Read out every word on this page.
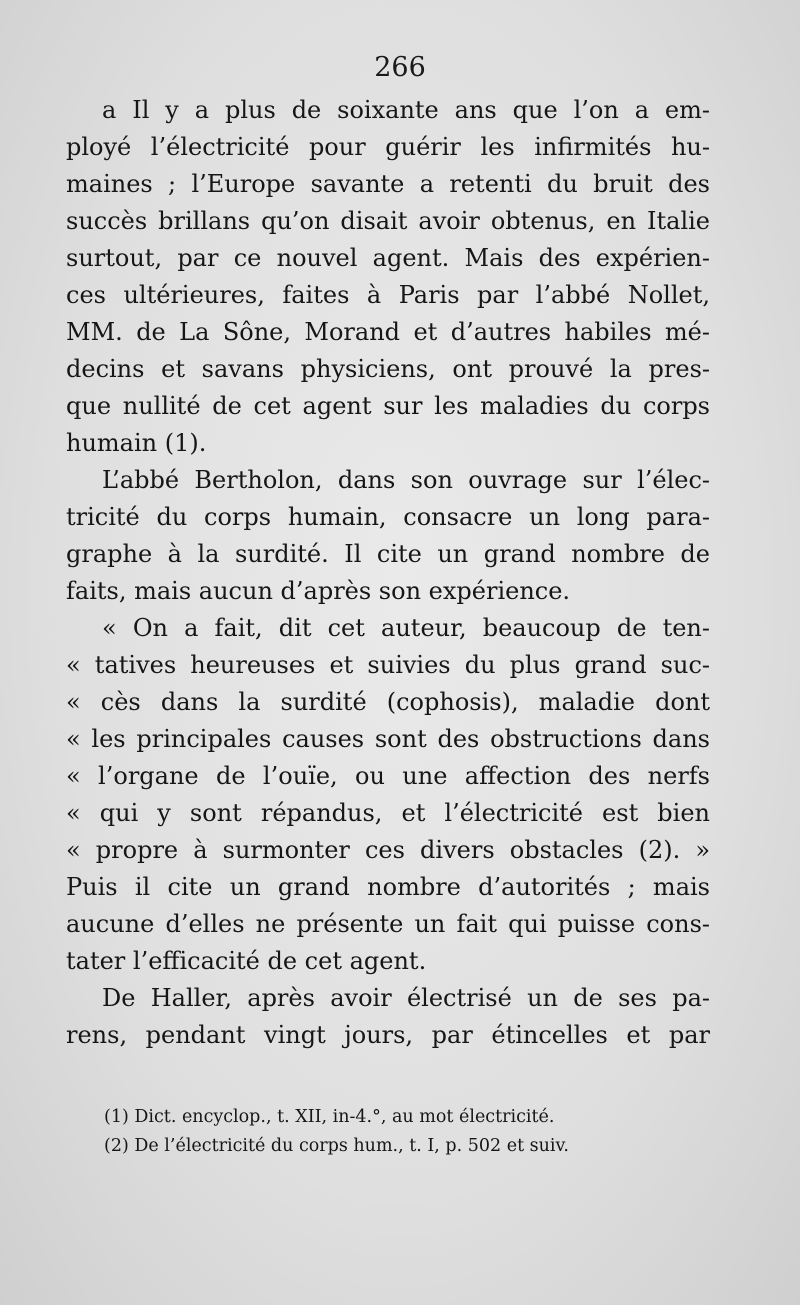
266
a Il y a plus de soixante ans que l’on a em-
ployé l’électricité pour guérir les infirmités hu-
maines ; l’Europe savante a retenti du bruit des
succès brillans qu’on disait avoir obtenus, en Italie
surtout, par ce nouvel agent. Mais des expérien-
ces ultérieures, faites à Paris par l’abbé Nollet,
MM. de La Sône, Morand et d’autres habiles mé-
decins et savans physiciens, ont prouvé la pres-
que nullité de cet agent sur les maladies du corps
humain (1).
L’abbé Bertholon, dans son ouvrage sur l’élec-
tricité du corps humain, consacre un long para-
graphe à la surdité. Il cite un grand nombre de
faits, mais aucun d’après son expérience.
« On a fait, dit cet auteur, beaucoup de ten-
« tatives heureuses et suivies du plus grand suc-
« cès dans la surdité (cophosis), maladie dont
« les principales causes sont des obstructions dans
« l’organe de l’ouïe, ou une affection des nerfs
« qui y sont répandus, et l’électricité est bien
« propre à surmonter ces divers obstacles (2). »
Puis il cite un grand nombre d’autorités ; mais
aucune d’elles ne présente un fait qui puisse cons-
tater l’efficacité de cet agent.
De Haller, après avoir électrisé un de ses pa-
rens, pendant vingt jours, par étincelles et par
(1) Dict. encyclop., t. XII, in-4.°, au mot électricité.
(2) De l’électricité du corps hum., t. I, p. 502 et suiv.
